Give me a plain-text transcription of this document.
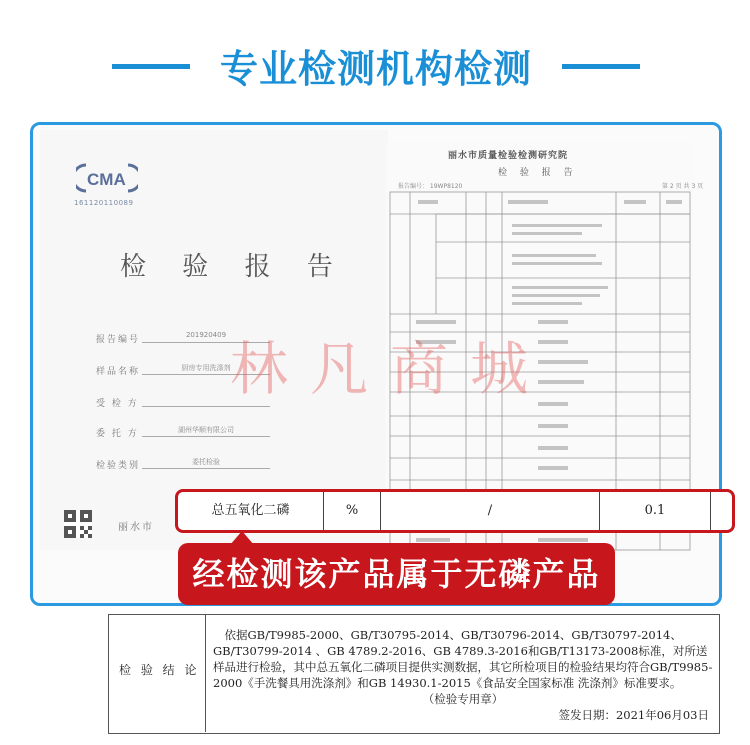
专业检测机构检测
CMA
161120110089
检 验 报 告
报告编号	201920409
样品名称	厨房专用洗涤剂
受 检 方
委 托 方	湖州华顺有限公司
检验类别	委托检验
丽水市
丽水市质量检验检测研究院
检 验 报 告
报告编号： 19WP8120	第 2 页 共 3 页
林凡商城
总五氧化二磷	%	/	0.1
经检测该产品属于无磷产品
检 验 结 论
依据GB/T9985-2000、GB/T30795-2014、GB/T30796-2014、GB/T30797-2014、GB/T30799-2014 、GB 4789.2-2016、GB 4789.3-2016和GB/T13173-2008标准，对所送样品进行检验，其中总五氧化二磷项目提供实测数据，其它所检项目的检验结果均符合GB/T9985-2000《手洗餐具用洗涤剂》和GB 14930.1-2015《食品安全国家标准 洗涤剂》标准要求。
（检验专用章）
签发日期：2021年06月03日
